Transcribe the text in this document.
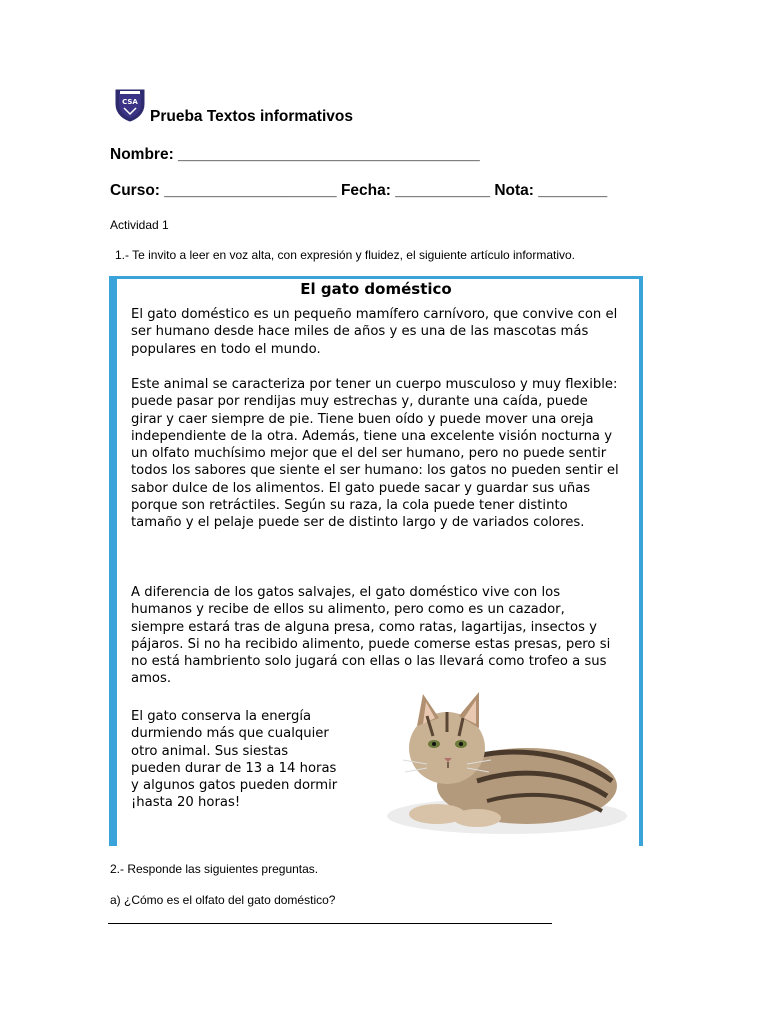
CSA
Prueba Textos informativos
Nombre: ___________________________________
Curso: ____________________ Fecha: ___________ Nota: ________
Actividad 1
1.- Te invito a leer en voz alta, con expresión y fluidez, el siguiente artículo informativo.
El gato doméstico
El gato doméstico es un pequeño mamífero carnívoro, que convive con el ser humano desde hace miles de años y es una de las mascotas más populares en todo el mundo.
Este animal se caracteriza por tener un cuerpo musculoso y muy flexible: puede pasar por rendijas muy estrechas y, durante una caída, puede girar y caer siempre de pie. Tiene buen oído y puede mover una oreja independiente de la otra. Además, tiene una excelente visión nocturna y un olfato muchísimo mejor que el del ser humano, pero no puede sentir todos los sabores que siente el ser humano: los gatos no pueden sentir el sabor dulce de los alimentos. El gato puede sacar y guardar sus uñas porque son retráctiles. Según su raza, la cola puede tener distinto tamaño y el pelaje puede ser de distinto largo y de variados colores.
A diferencia de los gatos salvajes, el gato doméstico vive con los humanos y recibe de ellos su alimento, pero como es un cazador, siempre estará tras de alguna presa, como ratas, lagartijas, insectos y pájaros. Si no ha recibido alimento, puede comerse estas presas, pero si no está hambriento solo jugará con ellas o las llevará como trofeo a sus amos.
El gato conserva la energía durmiendo más que cualquier otro animal. Sus siestas pueden durar de 13 a 14 horas y algunos gatos pueden dormir ¡hasta 20 horas!
2.- Responde las siguientes preguntas.
a) ¿Cómo es el olfato del gato doméstico?
